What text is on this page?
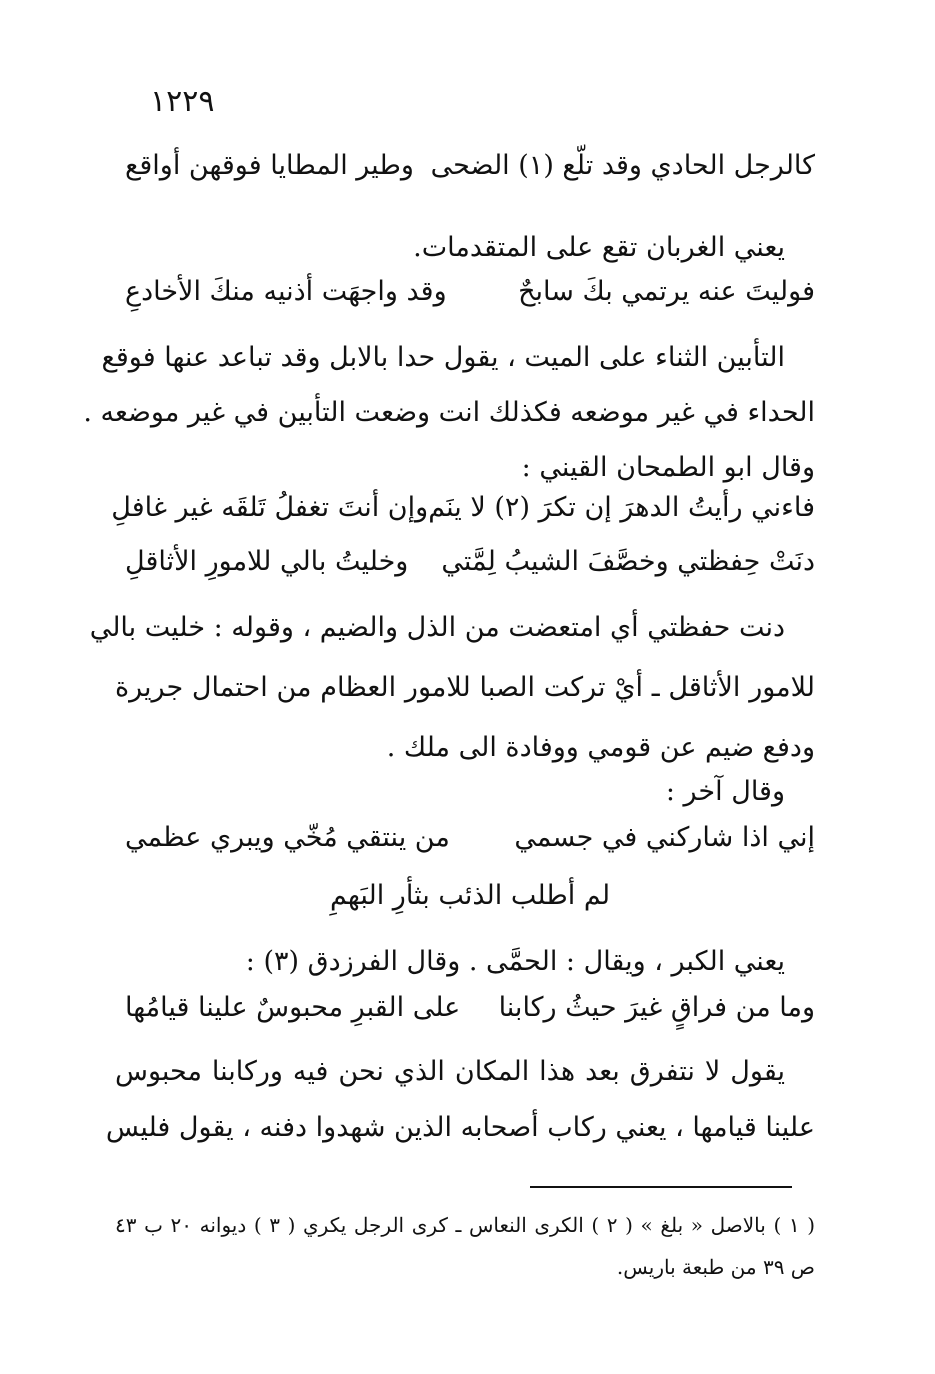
١٢٢٩
كالرجل الحادي وقد تلّع (١) الضحى
وطير المطايا فوقهن أواقع
يعني الغربان تقع على المتقدمات.
فوليتَ عنه يرتمي بكَ سابحٌ
وقد واجهَت أذنيه منكَ الأخادعِ
التأبين الثناء على الميت ، يقول حدا بالابل وقد تباعد عنها فوقع
الحداء في غير موضعه فكذلك انت وضعت التأبين في غير موضعه .
وقال ابو الطمحان القيني :
فاءني رأيتُ الدهرَ إن تكرَ (٢) لا ينَم
وإن أنتَ تغفلُ تَلقَه غير غافلِ
دنَتْ حِفظتي وخصَّفَ الشيبُ لِمَّتي
وخليتُ بالي للامورِ الأثاقلِ
دنت حفظتي أي امتعضت من الذل والضيم ، وقوله : خليت بالي
للامور الأثاقل ـ أيْ تركت الصبا للامور العظام من احتمال جريرة
ودفع ضيم عن قومي ووفادة الى ملك .
وقال آخر :
إني اذا شاركني في جسمي
من ينتقي مُخّي ويبري عظمي
لم أطلب الذئب بثأرِ البَهمِ
يعني الكبر ، ويقال : الحمَّى . وقال الفرزدق (٣) :
وما من فراقٍ غيرَ حيثُ ركابنا
على القبرِ محبوسٌ علينا قيامُها
يقول لا نتفرق بعد هذا المكان الذي نحن فيه وركابنا محبوس
علينا قيامها ، يعني ركاب أصحابه الذين شهدوا دفنه ، يقول فليس
( ١ ) بالاصل « بلغ » ( ٢ ) الكرى النعاس ـ كرى الرجل يكري ( ٣ ) ديوانه ٢٠ ب ٤٣
ص ٣٩ من طبعة باريس.
